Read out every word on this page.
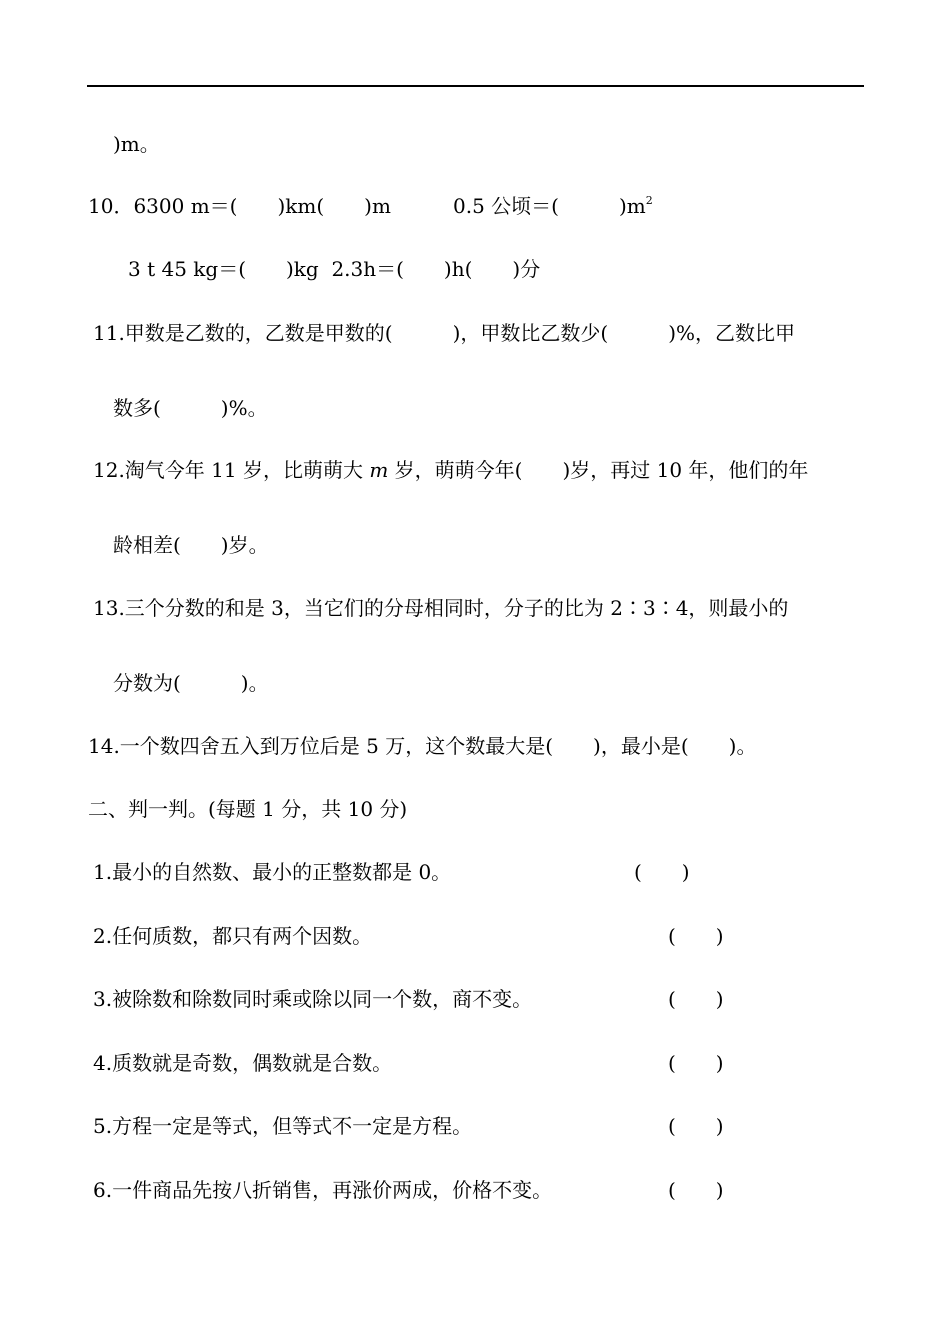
)m。
10．6300 m＝(　　)km(　　)m	0.5 公顷＝(　　　)$m^2$
3 t 45 kg＝(　　)kg  2.3h＝(　　)h(　　)分
11.甲数是乙数的，乙数是甲数的(　　　)，甲数比乙数少(　　　)%，乙数比甲
数多(　　　)%。
12.淘气今年 11 岁，比萌萌大 m 岁，萌萌今年(　　)岁，再过 10 年，他们的年
龄相差(　　)岁。
13.三个分数的和是 3，当它们的分母相同时，分子的比为 2∶3∶4，则最小的
分数为(　　　)。
14.一个数四舍五入到万位后是 5 万，这个数最大是(　　)，最小是(　　)。
二、判一判。(每题 1 分，共 10 分)
1.最小的自然数、最小的正整数都是 0。	(　　)
2.任何质数，都只有两个因数。	(　　)
3.被除数和除数同时乘或除以同一个数，商不变。	(　　)
4.质数就是奇数，偶数就是合数。	(　　)
5.方程一定是等式，但等式不一定是方程。	(　　)
6.一件商品先按八折销售，再涨价两成，价格不变。	(　　)
